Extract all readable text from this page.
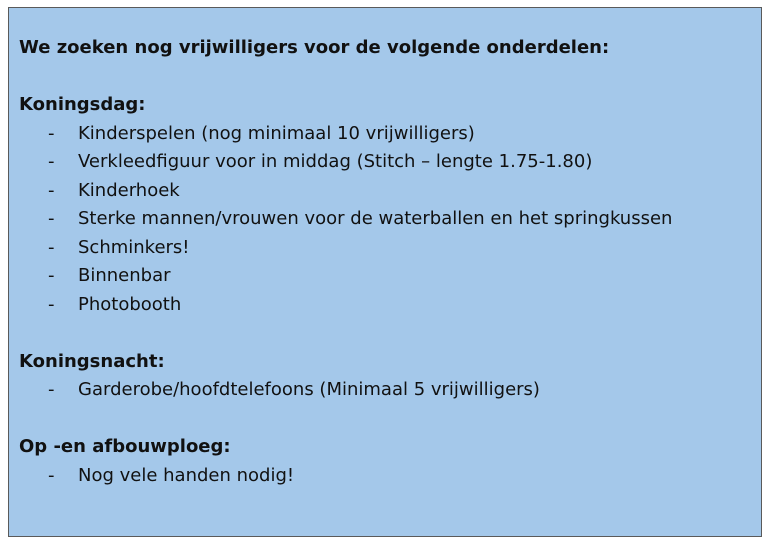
We zoeken nog vrijwilligers voor de volgende onderdelen:
Koningsdag:
- Kinderspelen (nog minimaal 10 vrijwilligers)
- Verkleedfiguur voor in middag (Stitch – lengte 1.75-1.80)
- Kinderhoek
- Sterke mannen/vrouwen voor de waterballen en het springkussen
- Schminkers!
- Binnenbar
- Photobooth
Koningsnacht:
- Garderobe/hoofdtelefoons (Minimaal 5 vrijwilligers)
Op -en afbouwploeg:
- Nog vele handen nodig!
